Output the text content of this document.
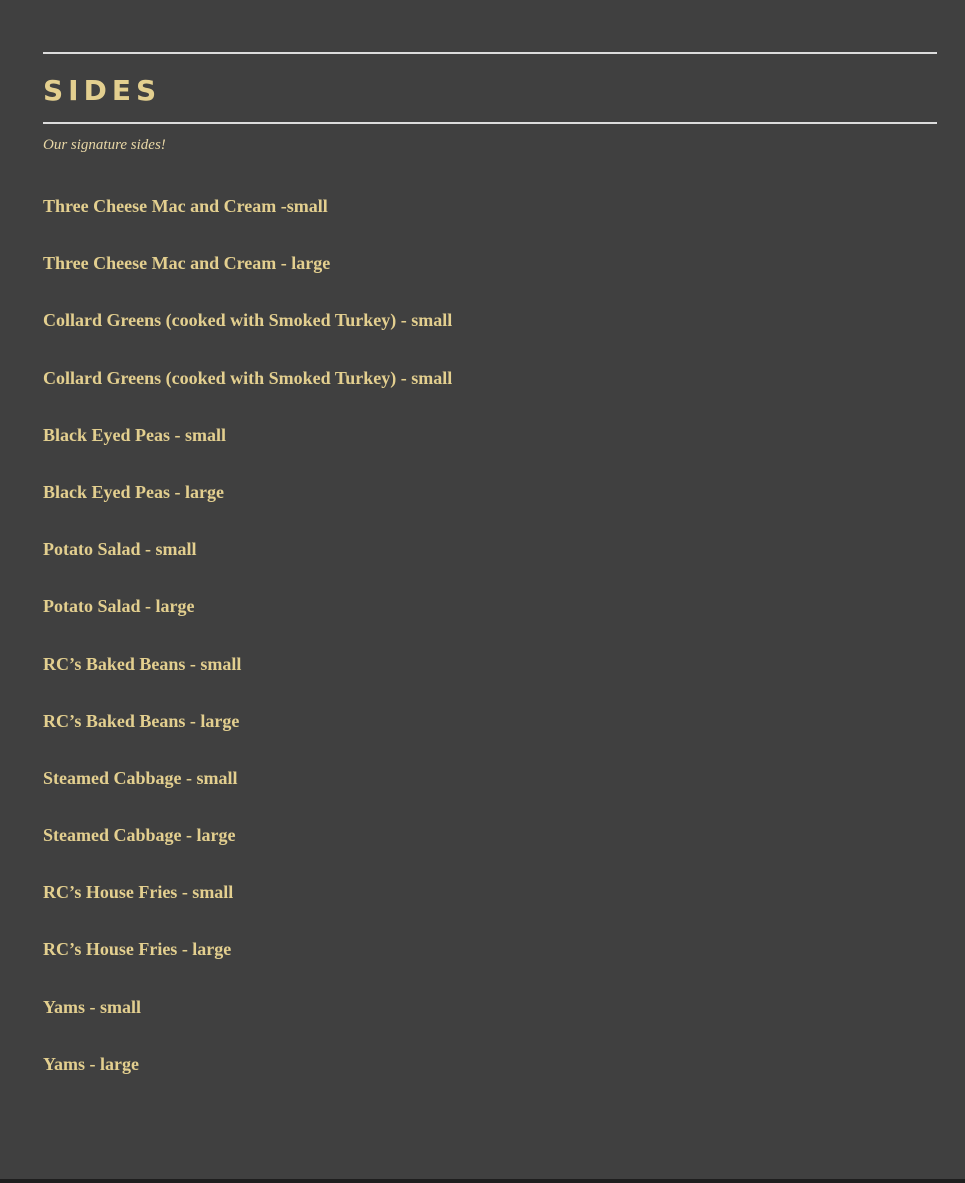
SIDES

Our signature sides!

Three Cheese Mac and Cream -small
Three Cheese Mac and Cream - large
Collard Greens (cooked with Smoked Turkey) - small
Collard Greens (cooked with Smoked Turkey) - small
Black Eyed Peas - small
Black Eyed Peas - large
Potato Salad - small
Potato Salad - large
RC’s Baked Beans - small
RC’s Baked Beans - large
Steamed Cabbage - small
Steamed Cabbage - large
RC’s House Fries - small
RC’s House Fries - large
Yams - small
Yams - large
